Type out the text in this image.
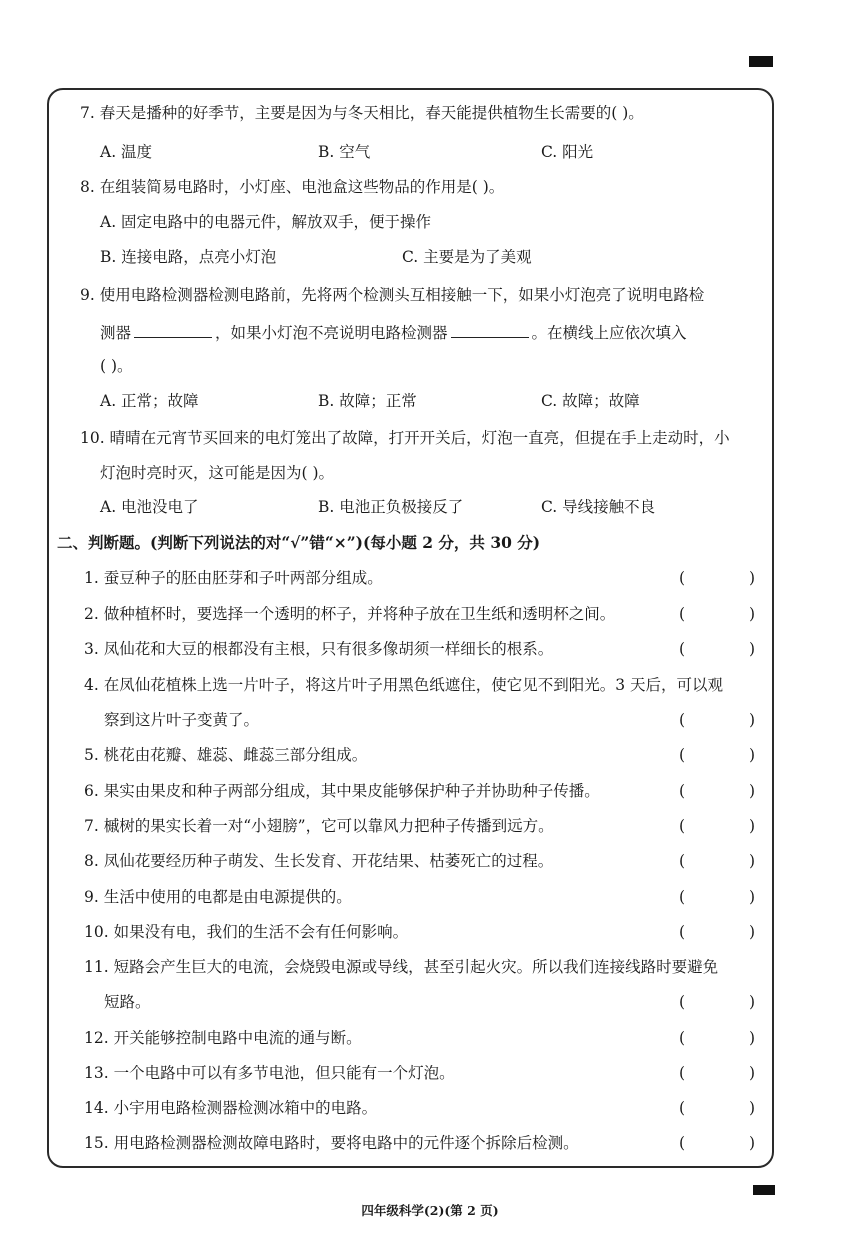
7. 春天是播种的好季节，主要是因为与冬天相比，春天能提供植物生长需要的( )。
A. 温度	B. 空气	C. 阳光
8. 在组装简易电路时，小灯座、电池盒这些物品的作用是( )。
A. 固定电路中的电器元件，解放双手，便于操作
B. 连接电路，点亮小灯泡	C. 主要是为了美观
9. 使用电路检测器检测电路前，先将两个检测头互相接触一下，如果小灯泡亮了说明电路检
测器	，如果小灯泡不亮说明电路检测器	。在横线上应依次填入
( )。
A. 正常；故障	B. 故障；正常	C. 故障；故障
10. 晴晴在元宵节买回来的电灯笼出了故障，打开开关后，灯泡一直亮，但提在手上走动时，小
灯泡时亮时灭，这可能是因为( )。
A. 电池没电了	B. 电池正负极接反了	C. 导线接触不良
二、判断题。(判断下列说法的对“√”错“×”)(每小题 2 分，共 30 分)
1. 蚕豆种子的胚由胚芽和子叶两部分组成。	(	)
2. 做种植杯时，要选择一个透明的杯子，并将种子放在卫生纸和透明杯之间。	(	)
3. 凤仙花和大豆的根都没有主根，只有很多像胡须一样细长的根系。	(	)
4. 在凤仙花植株上选一片叶子，将这片叶子用黑色纸遮住，使它见不到阳光。3 天后，可以观
察到这片叶子变黄了。	(	)
5. 桃花由花瓣、雄蕊、雌蕊三部分组成。	(	)
6. 果实由果皮和种子两部分组成，其中果皮能够保护种子并协助种子传播。	(	)
7. 槭树的果实长着一对“小翅膀”，它可以靠风力把种子传播到远方。	(	)
8. 凤仙花要经历种子萌发、生长发育、开花结果、枯萎死亡的过程。	(	)
9. 生活中使用的电都是由电源提供的。	(	)
10. 如果没有电，我们的生活不会有任何影响。	(	)
11. 短路会产生巨大的电流，会烧毁电源或导线，甚至引起火灾。所以我们连接线路时要避免
短路。	(	)
12. 开关能够控制电路中电流的通与断。	(	)
13. 一个电路中可以有多节电池，但只能有一个灯泡。	(	)
14. 小宇用电路检测器检测冰箱中的电路。	(	)
15. 用电路检测器检测故障电路时，要将电路中的元件逐个拆除后检测。	(	)
四年级科学(2)(第 2 页)
